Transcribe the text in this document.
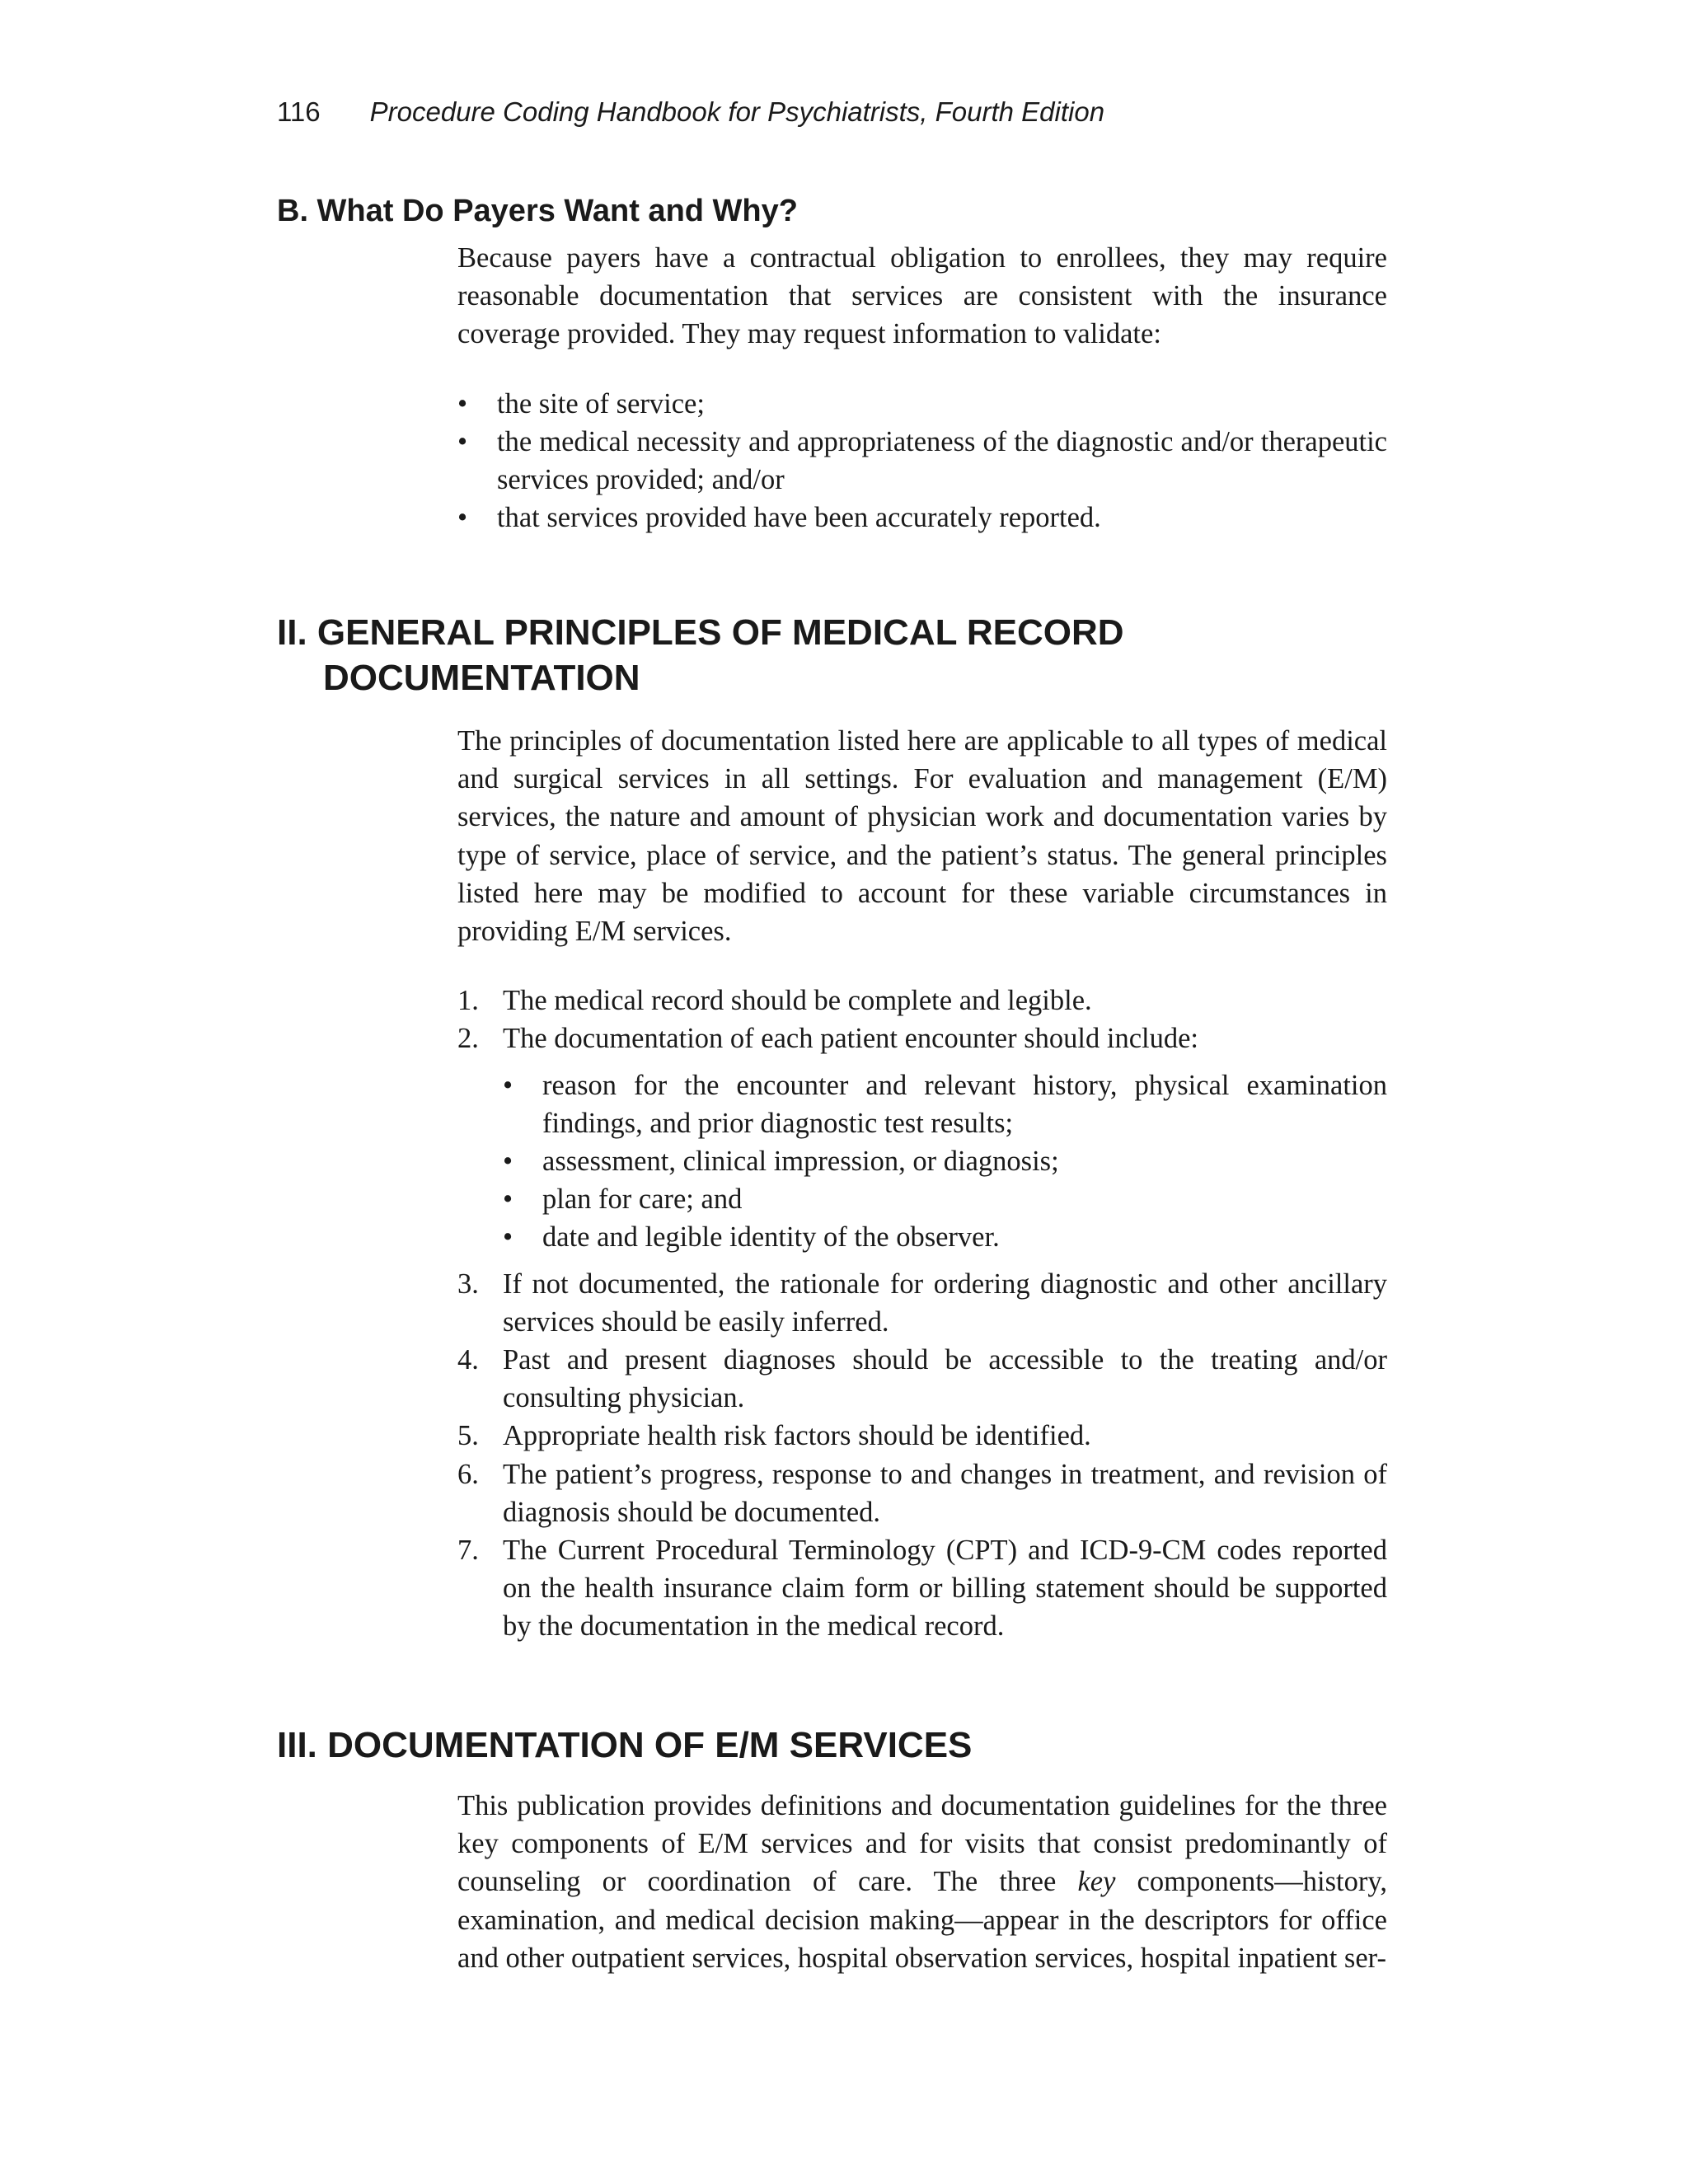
116 Procedure Coding Handbook for Psychiatrists, Fourth Edition
B. What Do Payers Want and Why?

Because payers have a contractual obligation to enrollees, they may require reasonable documentation that services are consistent with the insurance coverage provided. They may request information to validate:

• the site of service;
• the medical necessity and appropriateness of the diagnostic and/or therapeutic services provided; and/or
• that services provided have been accurately reported.
II. GENERAL PRINCIPLES OF MEDICAL RECORD
DOCUMENTATION

The principles of documentation listed here are applicable to all types of medical and surgical services in all settings. For evaluation and management (E/M) services, the nature and amount of physician work and documentation varies by type of service, place of service, and the patient’s status. The general principles listed here may be modified to account for these variable circumstances in providing E/M services.

1. The medical record should be complete and legible.
2. The documentation of each patient encounter should include:
• reason for the encounter and relevant history, physical examination findings, and prior diagnostic test results;
• assessment, clinical impression, or diagnosis;
• plan for care; and
• date and legible identity of the observer.
3. If not documented, the rationale for ordering diagnostic and other ancillary services should be easily inferred.
4. Past and present diagnoses should be accessible to the treating and/or consulting physician.
5. Appropriate health risk factors should be identified.
6. The patient’s progress, response to and changes in treatment, and revision of diagnosis should be documented.
7. The Current Procedural Terminology (CPT) and ICD-9-CM codes reported on the health insurance claim form or billing statement should be supported by the documentation in the medical record.
III. DOCUMENTATION OF E/M SERVICES

This publication provides definitions and documentation guidelines for the three key components of E/M services and for visits that consist predominantly of counseling or coordination of care. The three key components—history, examination, and medical decision making—appear in the descriptors for office and other outpatient services, hospital observation services, hospital inpatient ser-
